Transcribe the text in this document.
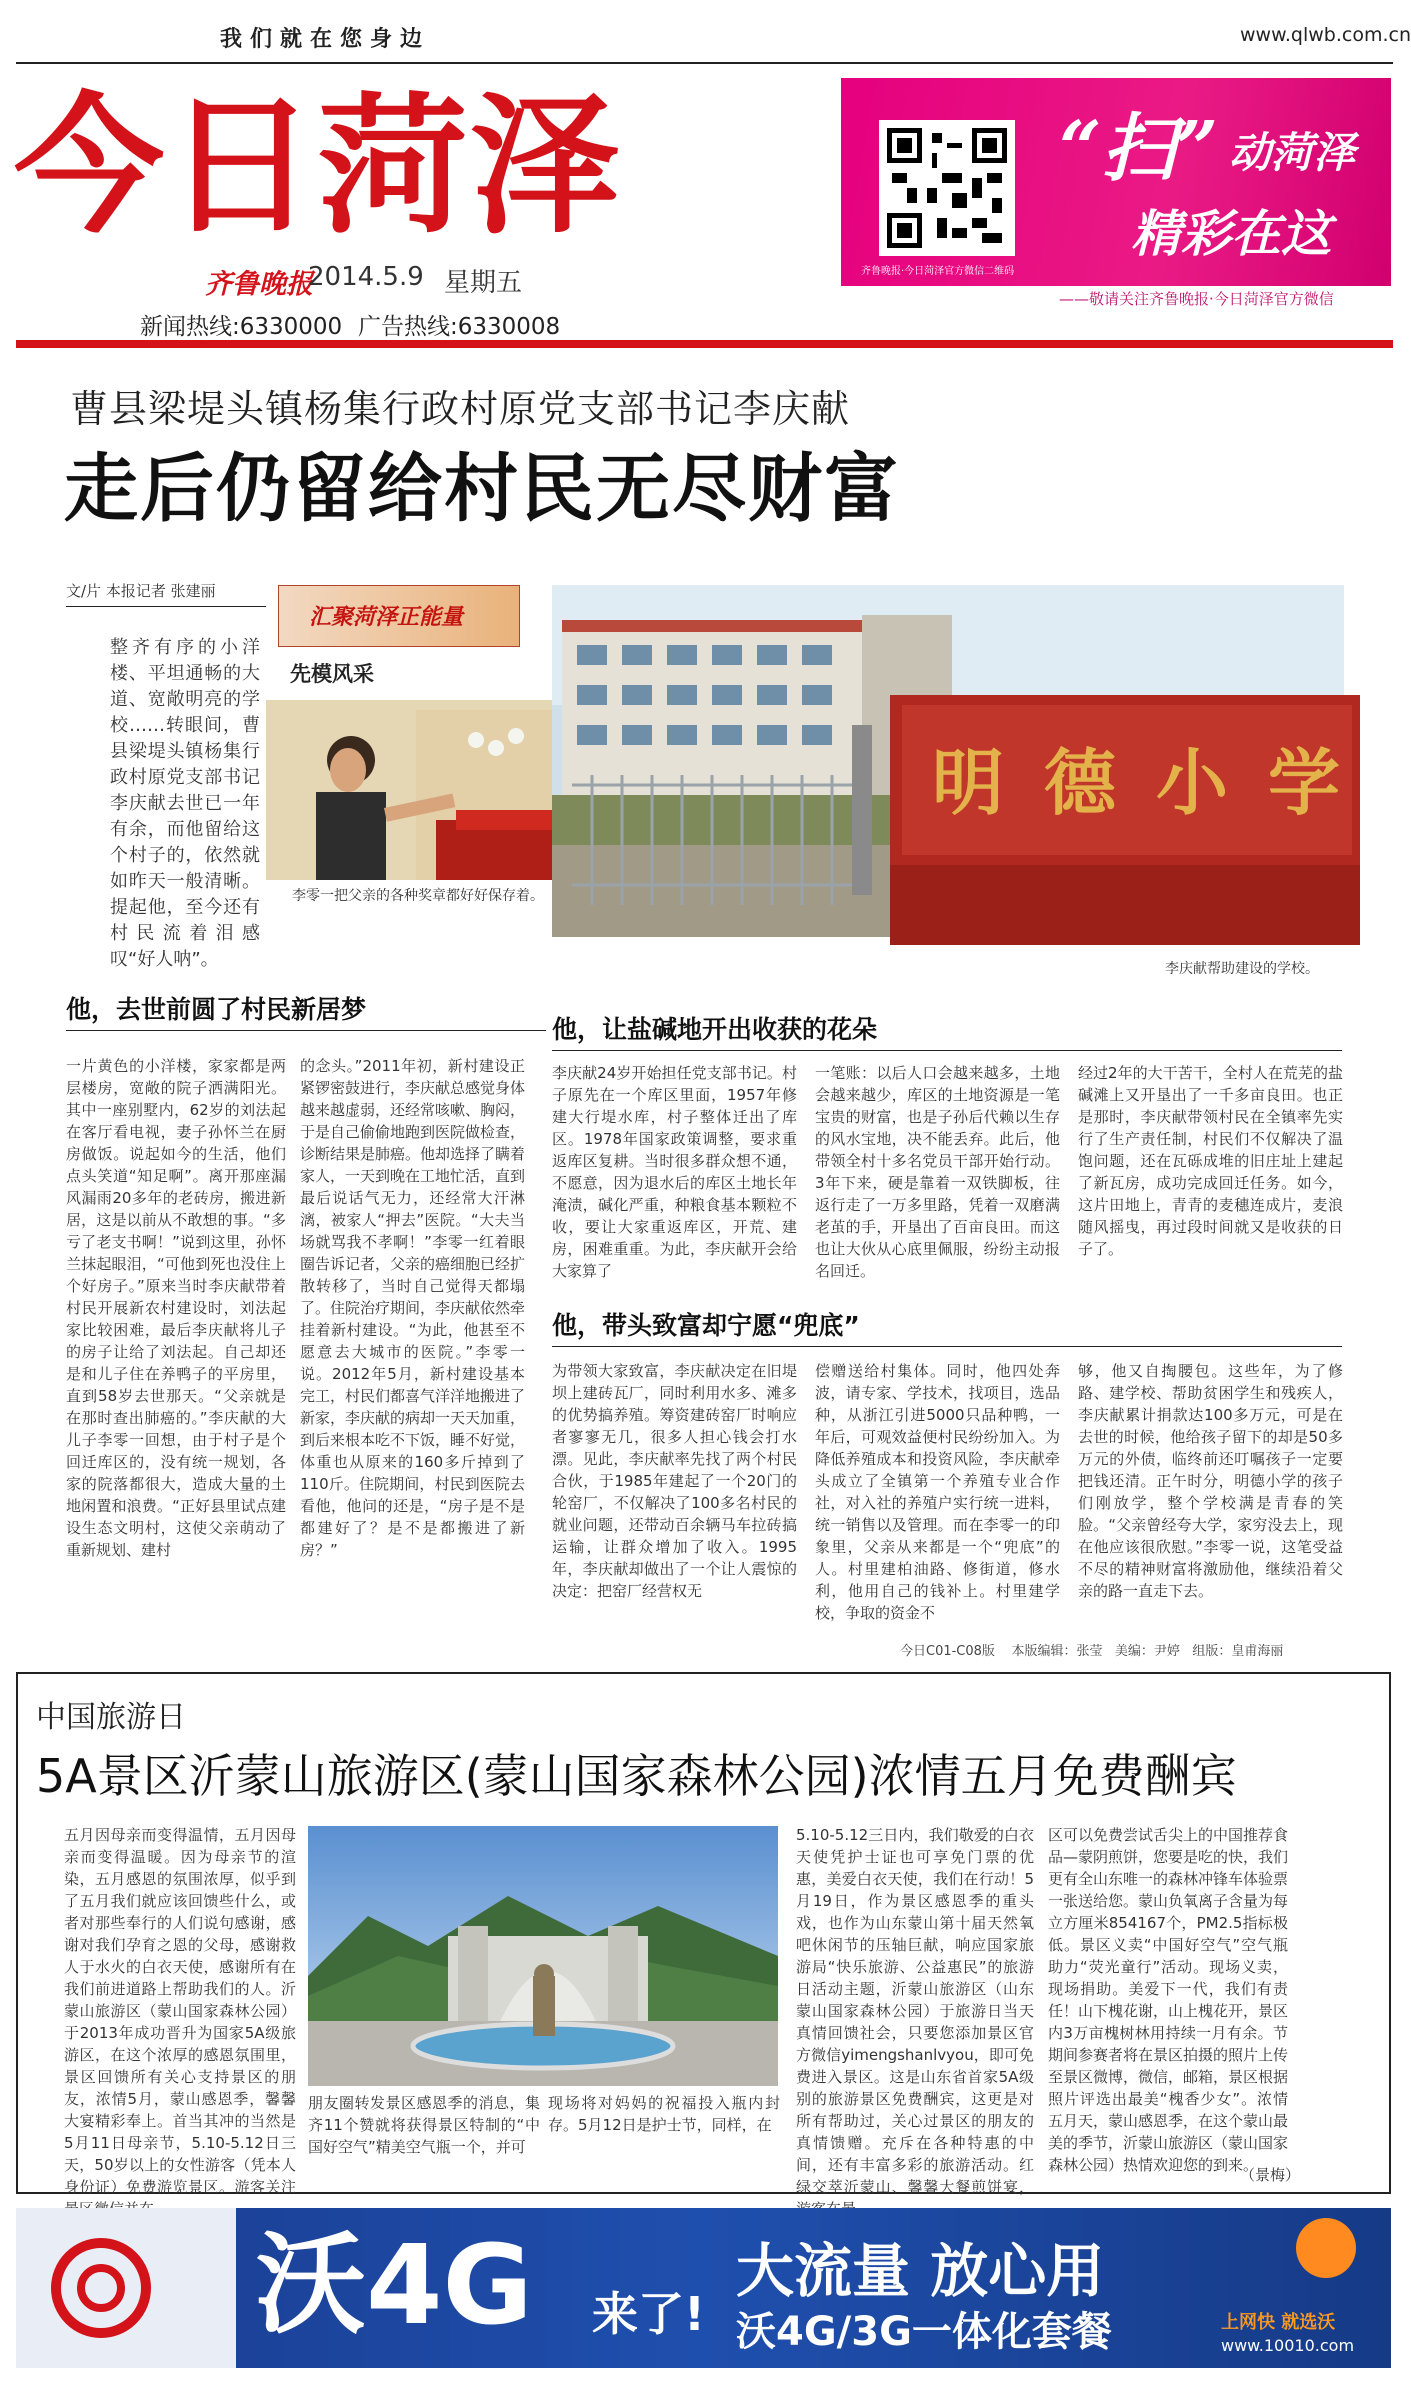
我们就在您身边	www.qlwb.com.cn
今日菏泽
齐鲁晚报
2014.5.9 星期五
新闻热线:6330000 广告热线:6330008
齐鲁晚报·今日菏泽官方微信二维码
“扫” 动菏泽
精彩在这
——敬请关注齐鲁晚报·今日菏泽官方微信
曹县梁堤头镇杨集行政村原党支部书记李庆献
走后仍留给村民无尽财富
文/片 本报记者 张建丽
整齐有序的小洋楼、平坦通畅的大道、宽敞明亮的学校……转眼间，曹县梁堤头镇杨集行政村原党支部书记李庆献去世已一年有余，而他留给这个村子的，依然就如昨天一般清晰。提起他，至今还有村民流着泪感叹“好人呐”。
汇聚菏泽正能量
先模风采
李零一把父亲的各种奖章都好好保存着。
明德小学
李庆献帮助建设的学校。
他，去世前圆了村民新居梦
一片黄色的小洋楼，家家都是两层楼房，宽敞的院子洒满阳光。其中一座别墅内，62岁的刘法起在客厅看电视，妻子孙怀兰在厨房做饭。说起如今的生活，他们点头笑道“知足啊”。离开那座漏风漏雨20多年的老砖房，搬进新居，这是以前从不敢想的事。“多亏了老支书啊！”说到这里，孙怀兰抹起眼泪，“可他到死也没住上个好房子。”原来当时李庆献带着村民开展新农村建设时，刘法起家比较困难，最后李庆献将儿子的房子让给了刘法起。自己却还是和儿子住在养鸭子的平房里，直到58岁去世那天。“父亲就是在那时查出肺癌的。”李庆献的大儿子李零一回想，由于村子是个回迁库区的，没有统一规划，各家的院落都很大，造成大量的土地闲置和浪费。“正好县里试点建设生态文明村，这使父亲萌动了重新规划、建村
的念头。”2011年初，新村建设正紧锣密鼓进行，李庆献总感觉身体越来越虚弱，还经常咳嗽、胸闷，于是自己偷偷地跑到医院做检查，诊断结果是肺癌。他却选择了瞒着家人，一天到晚在工地忙活，直到最后说话气无力，还经常大汗淋漓，被家人“押去”医院。“大夫当场就骂我不孝啊！”李零一红着眼圈告诉记者，父亲的癌细胞已经扩散转移了，当时自己觉得天都塌了。住院治疗期间，李庆献依然牵挂着新村建设。“为此，他甚至不愿意去大城市的医院。”李零一说。2012年5月，新村建设基本完工，村民们都喜气洋洋地搬进了新家，李庆献的病却一天天加重，到后来根本吃不下饭，睡不好觉，体重也从原来的160多斤掉到了110斤。住院期间，村民到医院去看他，他问的还是，“房子是不是都建好了？是不是都搬进了新房？”
他，让盐碱地开出收获的花朵
李庆献24岁开始担任党支部书记。村子原先在一个库区里面，1957年修建大行堤水库，村子整体迁出了库区。1978年国家政策调整，要求重返库区复耕。当时很多群众想不通，不愿意，因为退水后的库区土地长年淹渍，碱化严重，种粮食基本颗粒不收，要让大家重返库区，开荒、建房，困难重重。为此，李庆献开会给大家算了
一笔账：以后人口会越来越多，土地会越来越少，库区的土地资源是一笔宝贵的财富，也是子孙后代赖以生存的风水宝地，决不能丢弃。此后，他带领全村十多名党员干部开始行动。3年下来，硬是靠着一双铁脚板，往返行走了一万多里路，凭着一双磨满老茧的手，开垦出了百亩良田。而这也让大伙从心底里佩服，纷纷主动报名回迁。
经过2年的大干苦干，全村人在荒芜的盐碱滩上又开垦出了一千多亩良田。也正是那时，李庆献带领村民在全镇率先实行了生产责任制，村民们不仅解决了温饱问题，还在瓦砾成堆的旧庄址上建起了新瓦房，成功完成回迁任务。如今，这片田地上，青青的麦穗连成片，麦浪随风摇曳，再过段时间就又是收获的日子了。
他，带头致富却宁愿“兜底”
为带领大家致富，李庆献决定在旧堤坝上建砖瓦厂，同时利用水多、滩多的优势搞养殖。筹资建砖窑厂时响应者寥寥无几，很多人担心钱会打水漂。见此，李庆献率先找了两个村民合伙，于1985年建起了一个20门的轮窑厂，不仅解决了100多名村民的就业问题，还带动百余辆马车拉砖搞运输，让群众增加了收入。1995年，李庆献却做出了一个让人震惊的决定：把窑厂经营权无
偿赠送给村集体。同时，他四处奔波，请专家、学技术，找项目，选品种，从浙江引进5000只品种鸭，一年后，可观效益便村民纷纷加入。为降低养殖成本和投资风险，李庆献牵头成立了全镇第一个养殖专业合作社，对入社的养殖户实行统一进料，统一销售以及管理。而在李零一的印象里，父亲从来都是一个“兜底”的人。村里建柏油路、修街道，修水利，他用自己的钱补上。村里建学校，争取的资金不
够，他又自掏腰包。这些年，为了修路、建学校、帮助贫困学生和残疾人，李庆献累计捐款达100多万元，可是在去世的时候，他给孩子留下的却是50多万元的外债，临终前还叮嘱孩子一定要把钱还清。正午时分，明德小学的孩子们刚放学，整个学校满是青春的笑脸。“父亲曾经夸大学，家穷没去上，现在他应该很欣慰。”李零一说，这笔受益不尽的精神财富将激励他，继续沿着父亲的路一直走下去。
今日C01-C08版 本版编辑：张莹 美编：尹婷 组版：皇甫海丽
中国旅游日
5A景区沂蒙山旅游区(蒙山国家森林公园)浓情五月免费酬宾
五月因母亲而变得温情，五月因母亲而变得温暖。因为母亲节的渲染，五月感恩的氛围浓厚，似乎到了五月我们就应该回馈些什么，或者对那些奉行的人们说句感谢，感谢对我们孕育之恩的父母，感谢救人于水火的白衣天使，感谢所有在我们前进道路上帮助我们的人。沂蒙山旅游区（蒙山国家森林公园）于2013年成功晋升为国家5A级旅游区，在这个浓厚的感恩氛围里，景区回馈所有关心支持景区的朋友，浓情5月，蒙山感恩季，馨馨大宴精彩奉上。首当其冲的当然是5月11日母亲节，5.10-5.12日三天，50岁以上的女性游客（凭本人身份证）免费游览景区。游客关注
朋友圈转发景区感恩季的消息，集齐11个赞就将获得景区特制的“中国好空气”精美空气瓶一个，并可
现场将对妈妈的祝福投入瓶内封存。5月12日是护士节，同样，在
5.10-5.12三日内，我们敬爱的白衣天使凭护士证也可享免门票的优惠，美爱白衣天使，我们在行动！5月19日，作为景区感恩季的重头戏，也作为山东蒙山第十届天然氧吧休闲节的压轴巨献，响应国家旅游局“快乐旅游、公益惠民”的旅游日活动主题，沂蒙山旅游区（山东蒙山国家森林公园）于旅游日当天真情回馈社会，只要您添加景区官方微信yimengshanlvyou，即可免费进入景区。这是山东省首家5A级别的旅游景区免费酬宾，这更是对所有帮助过，关心过景区的朋友的真情馈赠。充斥在各种特惠的中间，还有丰富多彩的旅游活动。红绿交萃沂蒙山、馨馨大餐煎饼宴，
区可以免费尝试舌尖上的中国推荐食品—蒙阴煎饼，您要是吃的快，我们更有全山东唯一的森林冲锋车体验票一张送给您。蒙山负氧离子含量为每立方厘米854167个，PM2.5指标极低。景区义卖“中国好空气”空气瓶助力“荧光童行”活动。现场义卖，现场捐助。美爱下一代，我们有责任！山下槐花谢，山上槐花开，景区内3万亩槐树林用持续一月有余。节期间参赛者将在景区拍摄的照片上传至景区微博，微信，邮箱，景区根据照片评选出最美“槐香少女”。浓情五月天，蒙山感恩季，在这个蒙山最美的季节，沂蒙山旅游区（蒙山国家森林公园）热情欢迎您的到来。
（景梅）
沃4G 来了!
大流量 放心用
沃4G/3G一体化套餐	上网快 就选沃
www.10010.com
